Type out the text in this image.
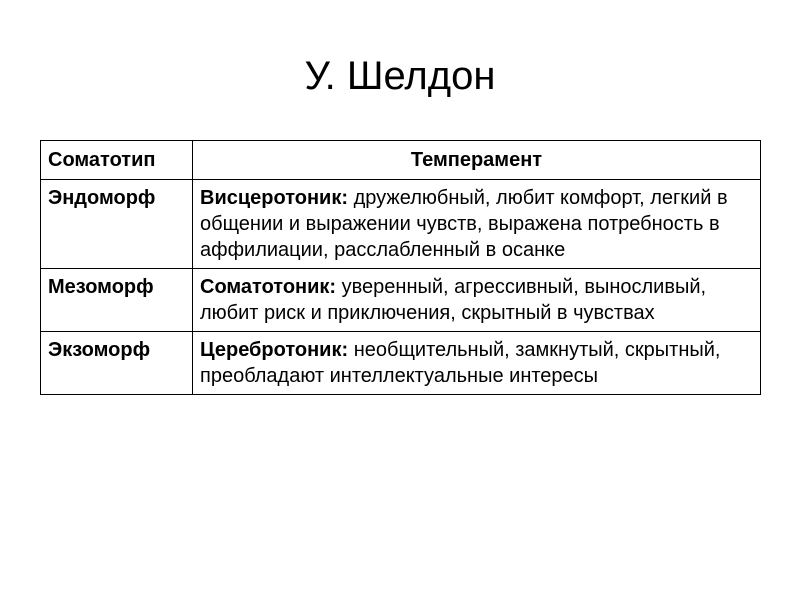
У. Шелдон
Соматотип	Темперамент
Эндоморф	Висцеротоник: дружелюбный, любит комфорт, легкий в общении и выражении чувств, выражена потребность в аффилиации, расслабленный в осанке
Мезоморф	Соматотоник: уверенный, агрессивный, выносливый, любит риск и приключения, скрытный в чувствах
Экзоморф	Церебротоник: необщительный, замкнутый, скрытный, преобладают интеллектуальные интересы
